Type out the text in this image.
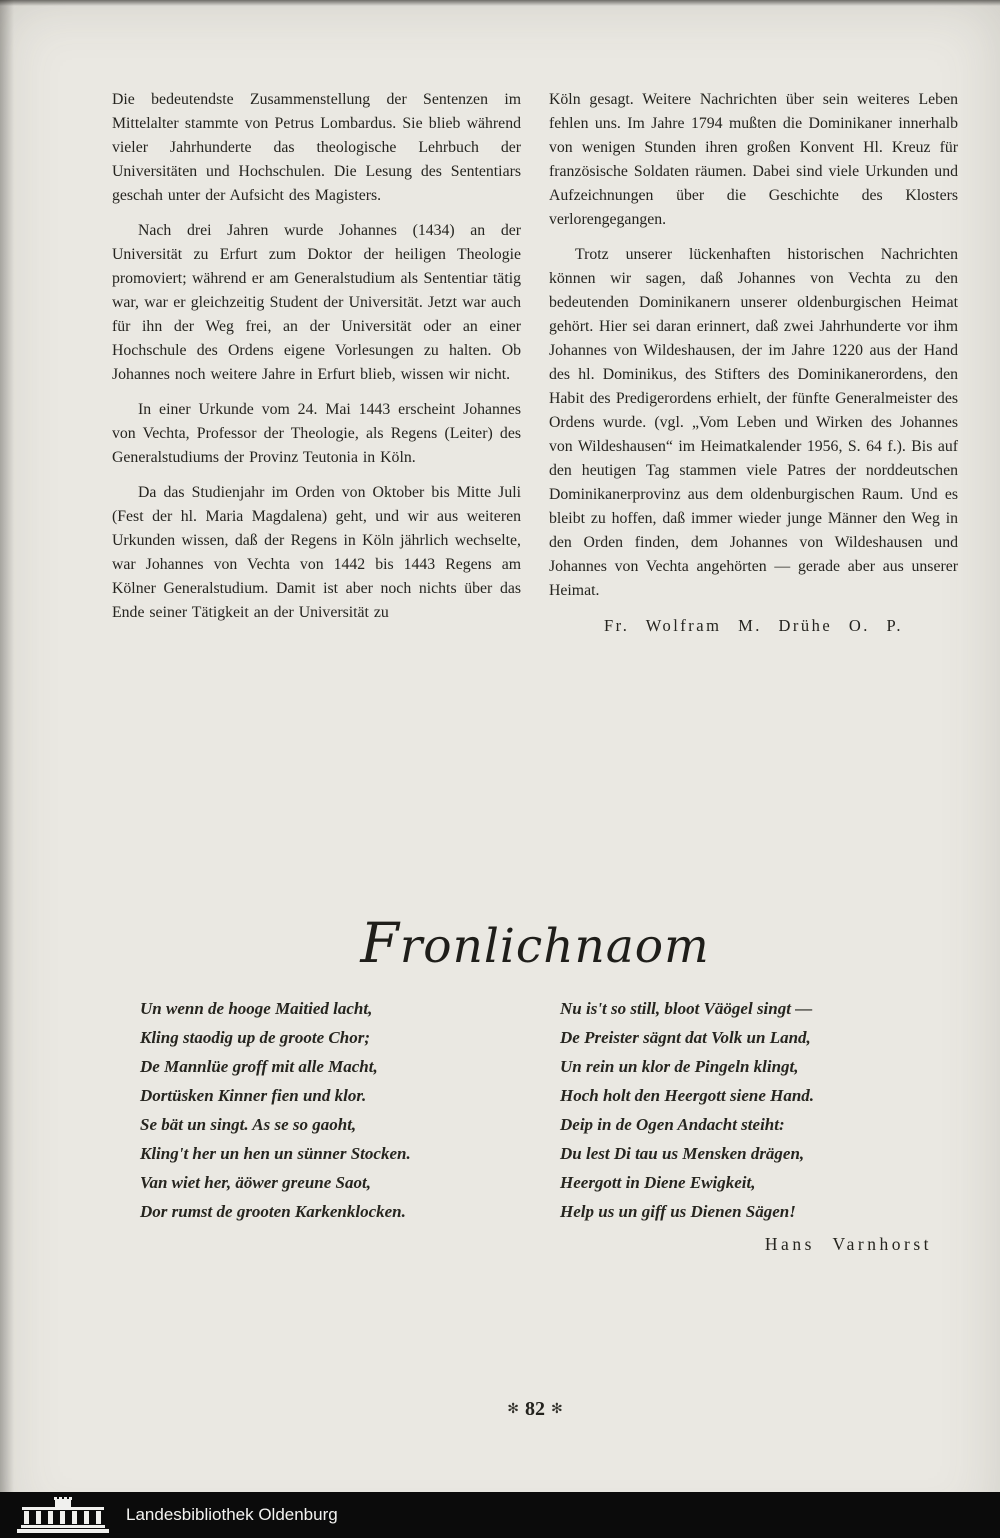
Die bedeutendste Zusammenstellung der Sentenzen im Mittelalter stammte von Petrus Lombardus. Sie blieb während vieler Jahrhunderte das theologische Lehrbuch der Universitäten und Hochschulen. Die Lesung des Sententiars geschah unter der Aufsicht des Magisters.

Nach drei Jahren wurde Johannes (1434) an der Universität zu Erfurt zum Doktor der heiligen Theologie promoviert; während er am Generalstudium als Sententiar tätig war, war er gleichzeitig Student der Universität. Jetzt war auch für ihn der Weg frei, an der Universität oder an einer Hochschule des Ordens eigene Vorlesungen zu halten. Ob Johannes noch weitere Jahre in Erfurt blieb, wissen wir nicht.

In einer Urkunde vom 24. Mai 1443 erscheint Johannes von Vechta, Professor der Theologie, als Regens (Leiter) des Generalstudiums der Provinz Teutonia in Köln.

Da das Studienjahr im Orden von Oktober bis Mitte Juli (Fest der hl. Maria Magdalena) geht, und wir aus weiteren Urkunden wissen, daß der Regens in Köln jährlich wechselte, war Johannes von Vechta von 1442 bis 1443 Regens am Kölner Generalstudium. Damit ist aber noch nichts über das Ende seiner Tätigkeit an der Universität zu

Köln gesagt. Weitere Nachrichten über sein weiteres Leben fehlen uns. Im Jahre 1794 mußten die Dominikaner innerhalb von wenigen Stunden ihren großen Konvent Hl. Kreuz für französische Soldaten räumen. Dabei sind viele Urkunden und Aufzeichnungen über die Geschichte des Klosters verlorengegangen.

Trotz unserer lückenhaften historischen Nachrichten können wir sagen, daß Johannes von Vechta zu den bedeutenden Dominikanern unserer oldenburgischen Heimat gehört. Hier sei daran erinnert, daß zwei Jahrhunderte vor ihm Johannes von Wildeshausen, der im Jahre 1220 aus der Hand des hl. Dominikus, des Stifters des Dominikanerordens, den Habit des Predigerordens erhielt, der fünfte Generalmeister des Ordens wurde. (vgl. „Vom Leben und Wirken des Johannes von Wildeshausen“ im Heimatkalender 1956, S. 64 f.). Bis auf den heutigen Tag stammen viele Patres der norddeutschen Dominikanerprovinz aus dem oldenburgischen Raum. Und es bleibt zu hoffen, daß immer wieder junge Männer den Weg in den Orden finden, dem Johannes von Wildeshausen und Johannes von Vechta angehörten — gerade aber aus unserer Heimat.

Fr. Wolfram M. Drühe O. P.

Fronlichnaom
Un wenn de hooge Maitied lacht,
Kling staodig up de groote Chor;
De Mannlüe groff mit alle Macht,
Dortüsken Kinner fien und klor.
Se bät un singt. As se so gaoht,
Kling't her un hen un sünner Stocken.
Van wiet her, äöwer greune Saot,
Dor rumst de grooten Karkenklocken.
Nu is't so still, bloot Väögel singt —
De Preister sägnt dat Volk un Land,
Un rein un klor de Pingeln klingt,
Hoch holt den Heergott siene Hand.
Deip in de Ogen Andacht steiht:
Du lest Di tau us Mensken drägen,
Heergott in Diene Ewigkeit,
Help us un giff us Dienen Sägen!
Hans Varnhorst
✻ 82 ✻
Landesbibliothek Oldenburg
